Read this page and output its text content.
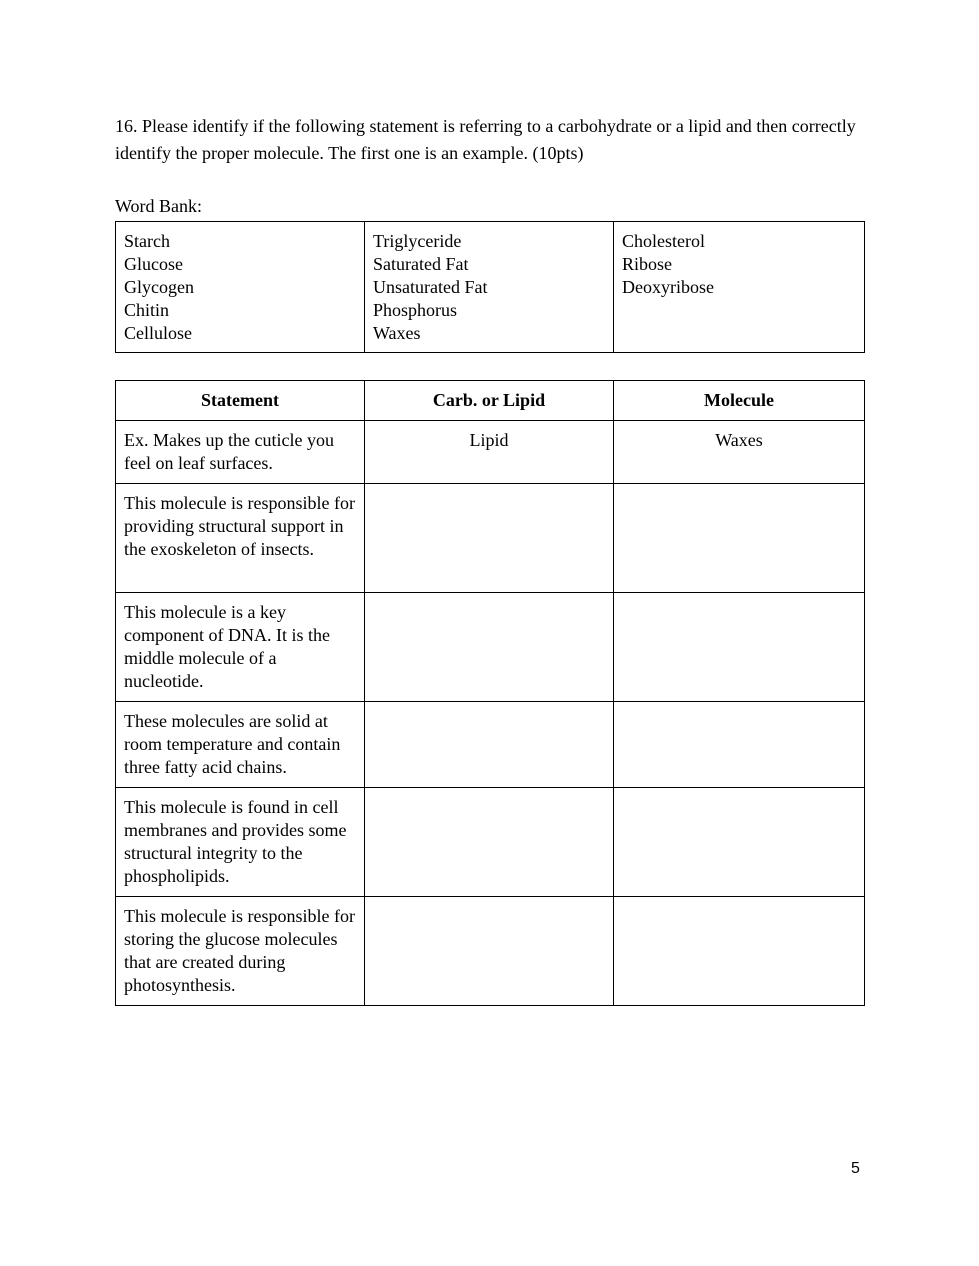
16. Please identify if the following statement is referring to a carbohydrate or a lipid and then correctly identify the proper molecule. The first one is an example. (10pts)
Word Bank:
Starch
Glucose
Glycogen
Chitin
Cellulose

Triglyceride
Saturated Fat
Unsaturated Fat
Phosphorus
Waxes

Cholesterol
Ribose
Deoxyribose
Statement	Carb. or Lipid	Molecule
Ex. Makes up the cuticle you feel on leaf surfaces.	Lipid	Waxes
This molecule is responsible for providing structural support in the exoskeleton of insects.		
This molecule is a key component of DNA. It is the middle molecule of a nucleotide.		
These molecules are solid at room temperature and contain three fatty acid chains.		
This molecule is found in cell membranes and provides some structural integrity to the phospholipids.		
This molecule is responsible for storing the glucose molecules that are created during photosynthesis.		
5
